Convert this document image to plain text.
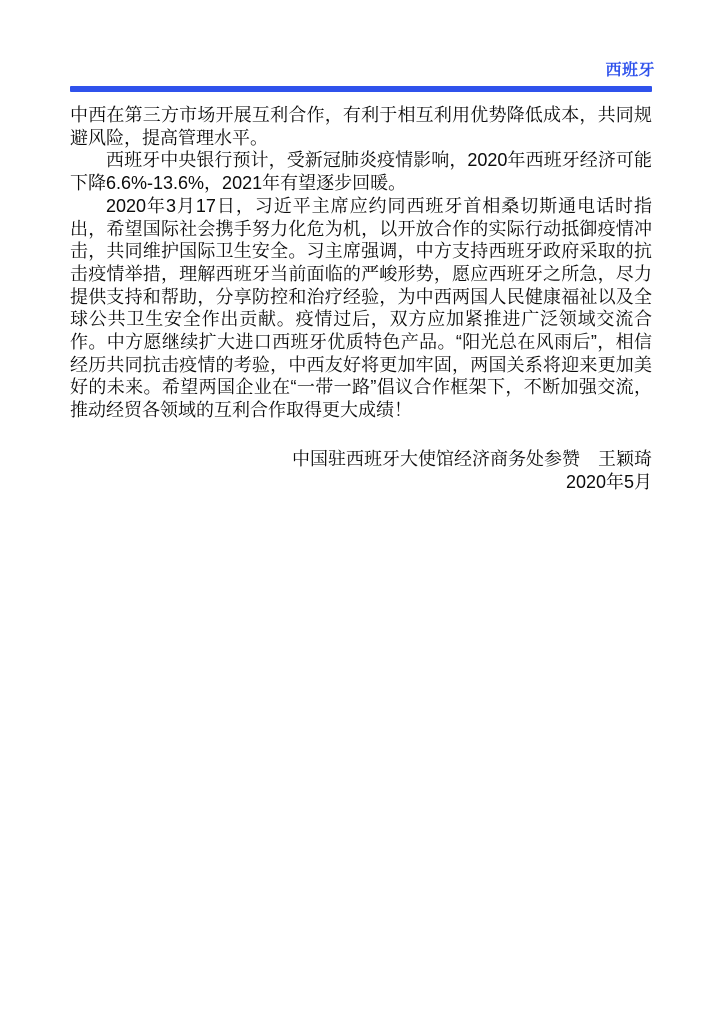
西班牙

中西在第三方市场开展互利合作，有利于相互利用优势降低成本，共同规避风险，提高管理水平。

西班牙中央银行预计，受新冠肺炎疫情影响，2020年西班牙经济可能下降6.6%-13.6%，2021年有望逐步回暖。

2020年3月17日，习近平主席应约同西班牙首相桑切斯通电话时指出，希望国际社会携手努力化危为机，以开放合作的实际行动抵御疫情冲击，共同维护国际卫生安全。习主席强调，中方支持西班牙政府采取的抗击疫情举措，理解西班牙当前面临的严峻形势，愿应西班牙之所急，尽力提供支持和帮助，分享防控和治疗经验，为中西两国人民健康福祉以及全球公共卫生安全作出贡献。疫情过后，双方应加紧推进广泛领域交流合作。中方愿继续扩大进口西班牙优质特色产品。“阳光总在风雨后”，相信经历共同抗击疫情的考验，中西友好将更加牢固，两国关系将迎来更加美好的未来。希望两国企业在“一带一路”倡议合作框架下，不断加强交流，推动经贸各领域的互利合作取得更大成绩！

中国驻西班牙大使馆经济商务处参赞　王颖琦

2020年5月
